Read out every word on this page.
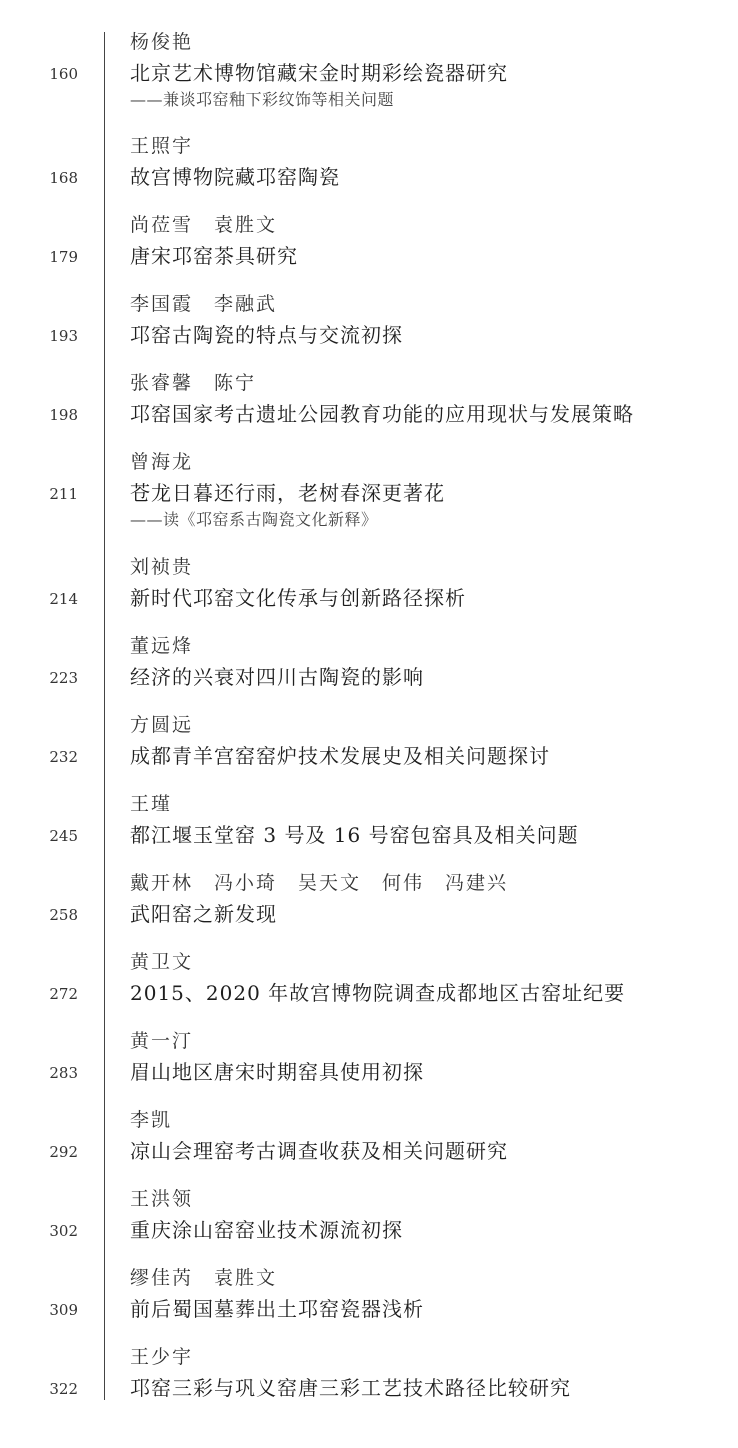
杨俊艳
160	北京艺术博物馆藏宋金时期彩绘瓷器研究
——兼谈邛窑釉下彩纹饰等相关问题
王照宇
168	故宫博物院藏邛窑陶瓷
尚莅雪　袁胜文
179	唐宋邛窑茶具研究
李国霞　李融武
193	邛窑古陶瓷的特点与交流初探
张睿馨　陈宁
198	邛窑国家考古遗址公园教育功能的应用现状与发展策略
曾海龙
211	苍龙日暮还行雨，老树春深更著花
——读《邛窑系古陶瓷文化新释》
刘祯贵
214	新时代邛窑文化传承与创新路径探析
董远烽
223	经济的兴衰对四川古陶瓷的影响
方圆远
232	成都青羊宫窑窑炉技术发展史及相关问题探讨
王瑾
245	都江堰玉堂窑 3 号及 16 号窑包窑具及相关问题
戴开林　冯小琦　吴天文　何伟　冯建兴
258	武阳窑之新发现
黄卫文
272	2015、2020 年故宫博物院调查成都地区古窑址纪要
黄一汀
283	眉山地区唐宋时期窑具使用初探
李凯
292	凉山会理窑考古调查收获及相关问题研究
王洪领
302	重庆涂山窑窑业技术源流初探
缪佳芮　袁胜文
309	前后蜀国墓葬出土邛窑瓷器浅析
王少宇
322	邛窑三彩与巩义窑唐三彩工艺技术路径比较研究
